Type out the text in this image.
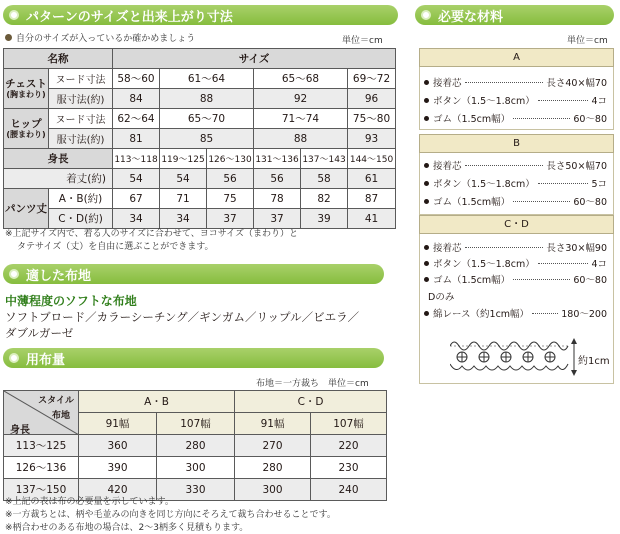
パターンのサイズと出来上がり寸法
自分のサイズが入っているか確かめましょう	単位＝cm
名称		サイズ					
チェスト
(胸まわり)	ヌード寸法	58〜60	61〜64		65〜68		69〜72
	服寸法(約)	84	88		92		96
ヒップ
(腰まわり)	ヌード寸法	62〜64	65〜70		71〜74		75〜80
	服寸法(約)	81	85		88		93
身長		113〜118	119〜125	126〜130	131〜136	137〜143	144〜150
着丈(約)		54	54	56	56	58	61
パンツ丈	A・B(約)	67	71	75	78	82	87
	C・D(約)	34	34	37	37	39	41
※上記サイズ内で、着る人のサイズに合わせて、ヨコサイズ（まわり）と
タテサイズ（丈）を自由に選ぶことができます。
適した布地
中薄程度のソフトな布地
ソフトブロード／カラーシーチング／ギンガム／リップル／ビエラ／
ダブルガーゼ
用布量
布地＝一方裁ち　単位＝cm
スタイル
布地
身長	A・B		C・D	
	91幅	107幅	91幅	107幅
113〜125	360	280	270	220
126〜136	390	300	280	230
137〜150	420	330	300	240
※上記の表は布の必要量を示しています。
※一方裁ちとは、柄や毛並みの向きを同じ方向にそろえて裁ち合わせることです。
※柄合わせのある布地の場合は、2〜3柄多く見積もります。
必要な材料
単位＝cm
A
接着芯	長さ40×幅70
ボタン（1.5〜1.8cm）	4コ
ゴム（1.5cm幅）	60〜80
B
接着芯	長さ50×幅70
ボタン（1.5〜1.8cm）	5コ
ゴム（1.5cm幅）	60〜80
C・D
接着芯	長さ30×幅90
ボタン（1.5〜1.8cm）	4コ
ゴム（1.5cm幅）	60〜80
Dのみ
綿レース（約1cm幅）	180〜200
約1cm
